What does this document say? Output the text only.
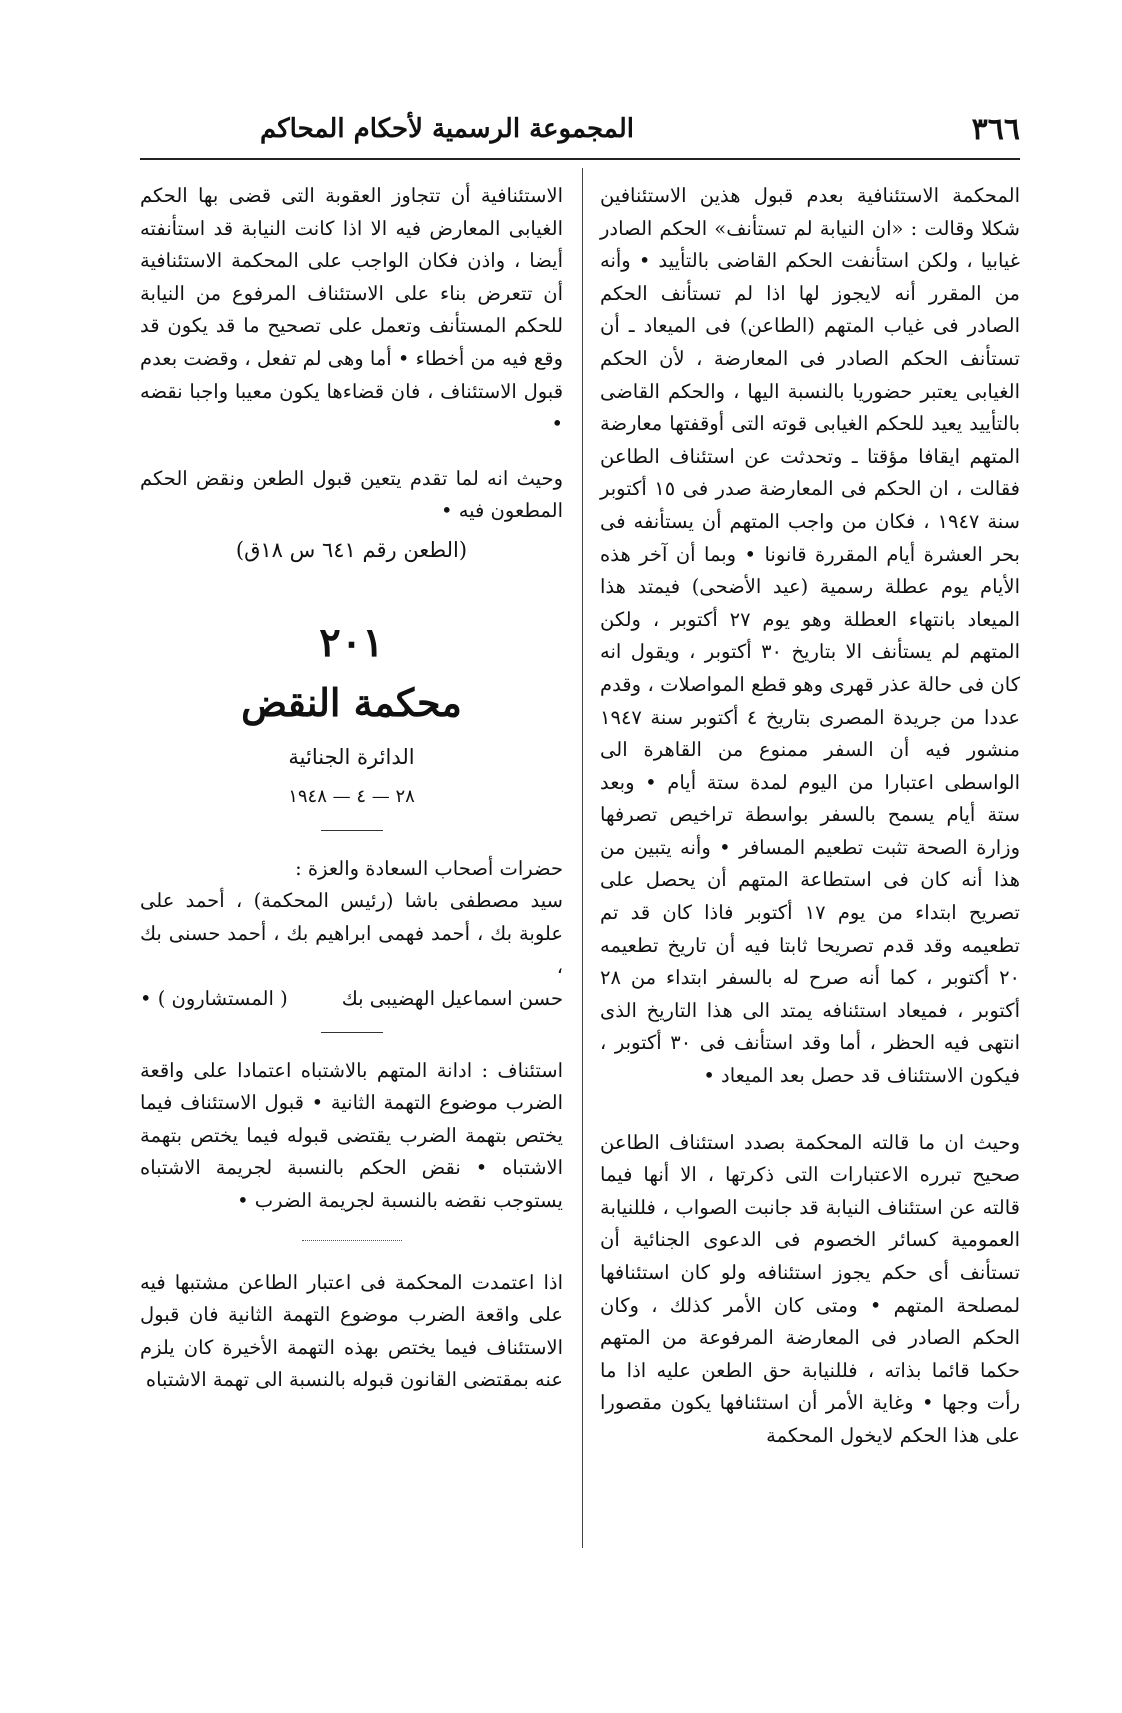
٣٦٦
المجموعة الرسمية لأحكام المحاكم

المحكمة الاستئنافية بعدم قبول هذين الاستئنافين شكلا وقالت : «ان النيابة لم تستأنف» الحكم الصادر غيابيا ، ولكن استأنفت الحكم القاضى بالتأييد • وأنه من المقرر أنه لايجوز لها اذا لم تستأنف الحكم الصادر فى غياب المتهم (الطاعن) فى الميعاد ـ أن تستأنف الحكم الصادر فى المعارضة ، لأن الحكم الغيابى يعتبر حضوريا بالنسبة اليها ، والحكم القاضى بالتأييد يعيد للحكم الغيابى قوته التى أوقفتها معارضة المتهم ايقافا مؤقتا ـ وتحدثت عن استئناف الطاعن فقالت ، ان الحكم فى المعارضة صدر فى ١٥ أكتوبر سنة ١٩٤٧ ، فكان من واجب المتهم أن يستأنفه فى بحر العشرة أيام المقررة قانونا • وبما أن آخر هذه الأيام يوم عطلة رسمية (عيد الأضحى) فيمتد هذا الميعاد بانتهاء العطلة وهو يوم ٢٧ أكتوبر ، ولكن المتهم لم يستأنف الا بتاريخ ٣٠ أكتوبر ، ويقول انه كان فى حالة عذر قهرى وهو قطع المواصلات ، وقدم عددا من جريدة المصرى بتاريخ ٤ أكتوبر سنة ١٩٤٧ منشور فيه أن السفر ممنوع من القاهرة الى الواسطى اعتبارا من اليوم لمدة ستة أيام • وبعد ستة أيام يسمح بالسفر بواسطة تراخيص تصرفها وزارة الصحة تثبت تطعيم المسافر • وأنه يتبين من هذا أنه كان فى استطاعة المتهم أن يحصل على تصريح ابتداء من يوم ١٧ أكتوبر فاذا كان قد تم تطعيمه وقد قدم تصريحا ثابتا فيه أن تاريخ تطعيمه ٢٠ أكتوبر ، كما أنه صرح له بالسفر ابتداء من ٢٨ أكتوبر ، فميعاد استئنافه يمتد الى هذا التاريخ الذى انتهى فيه الحظر ، أما وقد استأنف فى ٣٠ أكتوبر ، فيكون الاستئناف قد حصل بعد الميعاد •

وحيث ان ما قالته المحكمة بصدد استئناف الطاعن صحيح تبرره الاعتبارات التى ذكرتها ، الا أنها فيما قالته عن استئناف النيابة قد جانبت الصواب ، فللنيابة العمومية كسائر الخصوم فى الدعوى الجنائية أن تستأنف أى حكم يجوز استئنافه ولو كان استئنافها لمصلحة المتهم • ومتى كان الأمر كذلك ، وكان الحكم الصادر فى المعارضة المرفوعة من المتهم حكما قائما بذاته ، فللنيابة حق الطعن عليه اذا ما رأت وجها • وغاية الأمر أن استئنافها يكون مقصورا على هذا الحكم لايخول المحكمة

الاستئنافية أن تتجاوز العقوبة التى قضى بها الحكم الغيابى المعارض فيه الا اذا كانت النيابة قد استأنفته أيضا ، واذن فكان الواجب على المحكمة الاستئنافية أن تتعرض بناء على الاستئناف المرفوع من النيابة للحكم المستأنف وتعمل على تصحيح ما قد يكون قد وقع فيه من أخطاء • أما وهى لم تفعل ، وقضت بعدم قبول الاستئناف ، فان قضاءها يكون معيبا واجبا نقضه •

وحيث انه لما تقدم يتعين قبول الطعن ونقض الحكم المطعون فيه •

(الطعن رقم ٦٤١ س ١٨ق)
٢٠١
محكمة النقض
الدائرة الجنائية
٢٨ — ٤ — ١٩٤٨

حضرات أصحاب السعادة والعزة :

سيد مصطفى باشا (رئيس المحكمة) ، أحمد على علوبة بك ، أحمد فهمى ابراهيم بك ، أحمد حسنى بك ،

حسن اسماعيل الهضيبى بك
( المستشارون ) •

استئناف : ادانة المتهم بالاشتباه اعتمادا على واقعة الضرب موضوع التهمة الثانية • قبول الاستئناف فيما يختص بتهمة الضرب يقتضى قبوله فيما يختص بتهمة الاشتباه • نقض الحكم بالنسبة لجريمة الاشتباه يستوجب نقضه بالنسبة لجريمة الضرب •

اذا اعتمدت المحكمة فى اعتبار الطاعن مشتبها فيه على واقعة الضرب موضوع التهمة الثانية فان قبول الاستئناف فيما يختص بهذه التهمة الأخيرة كان يلزم عنه بمقتضى القانون قبوله بالنسبة الى تهمة الاشتباه
